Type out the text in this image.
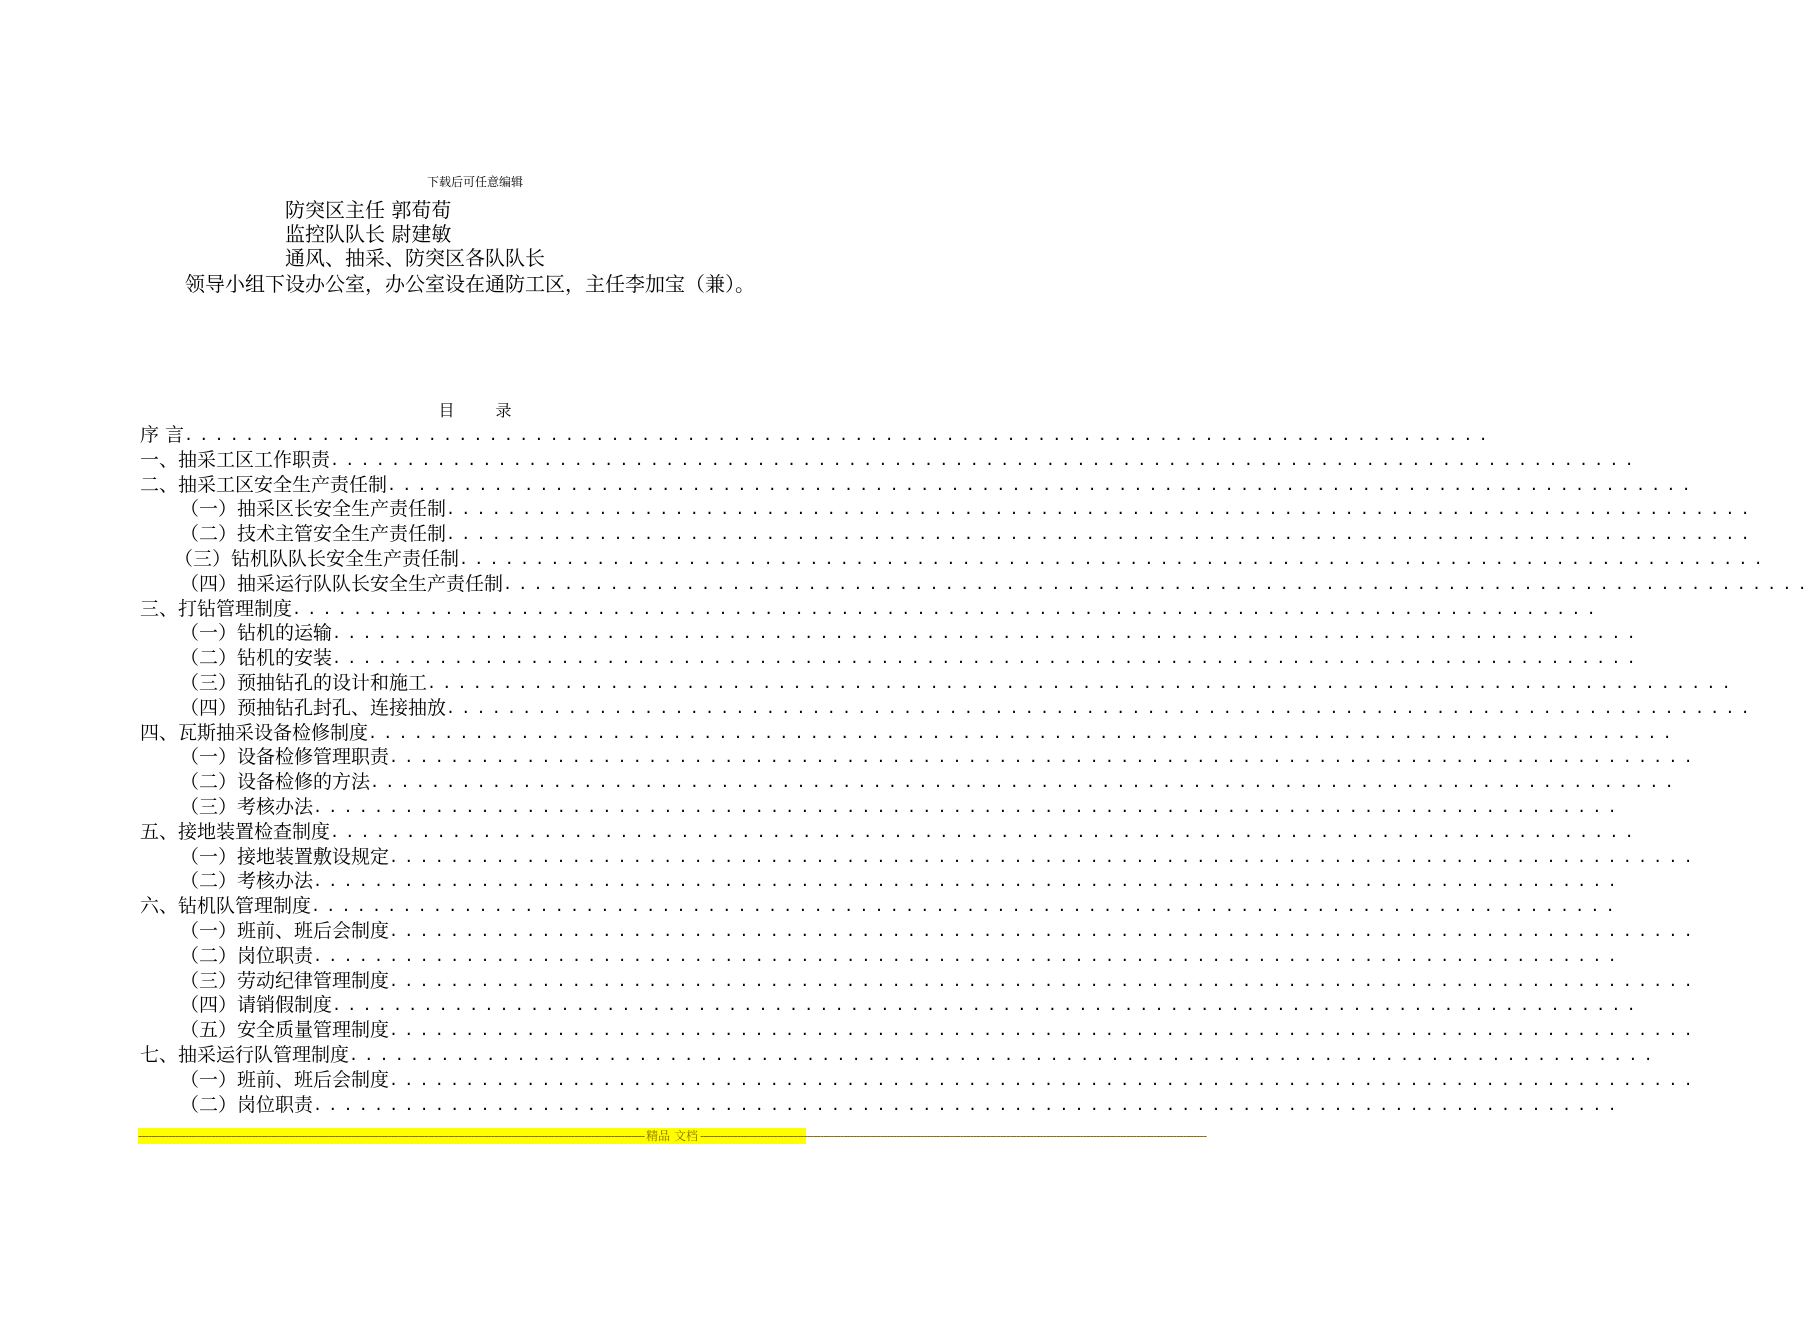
下载后可任意编辑
防突区主任 郭荀荀
监控队队长 尉建敏
通风、抽采、防突区各队队长
领导小组下设办公室，办公室设在通防工区，主任李加宝（兼）。
目 录
序 言 ......................................................................................
一、抽采工区工作职责 ......................................................................................
二、抽采工区安全生产责任制 ......................................................................................
（一）抽采区长安全生产责任制 ......................................................................................
（二）技术主管安全生产责任制 ......................................................................................
（三）钻机队队长安全生产责任制 ......................................................................................
（四）抽采运行队队长安全生产责任制 ......................................................................................
三、打钻管理制度 ......................................................................................
（一）钻机的运输 ......................................................................................
（二）钻机的安装 ......................................................................................
（三）预抽钻孔的设计和施工 ......................................................................................
（四）预抽钻孔封孔、连接抽放 ......................................................................................
四、瓦斯抽采设备检修制度 ......................................................................................
（一）设备检修管理职责 ......................................................................................
（二）设备检修的方法 ......................................................................................
（三）考核办法 ......................................................................................
五、接地装置检查制度 ......................................................................................
（一）接地装置敷设规定 ......................................................................................
（二）考核办法 ......................................................................................
六、钻机队管理制度 ......................................................................................
（一）班前、班后会制度 ......................................................................................
（二）岗位职责 ......................................................................................
（三）劳动纪律管理制度 ......................................................................................
（四）请销假制度 ......................................................................................
（五）安全质量管理制度 ......................................................................................
七、抽采运行队管理制度 ......................................................................................
（一）班前、班后会制度 ......................................................................................
（二）岗位职责 ......................................................................................
-------------------------------------------------------------------------------------------------------------------------------------------------------- 精品 文档 --------------------------------------------------------------------------------------------------------------------------------------------------------
